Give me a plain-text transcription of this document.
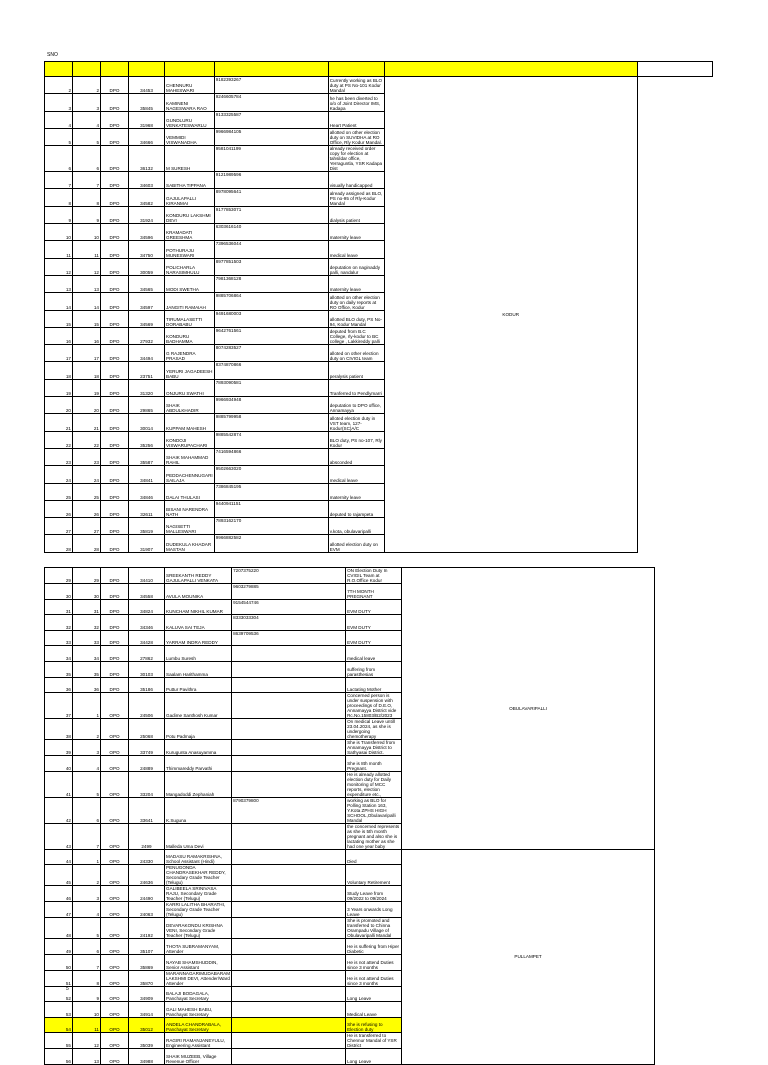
SNO

2	2	DPO	34453	CHENNURU MAHESWARI	9182393267	Currently working as BLO duty at PS No-101 Kodur Mandal	KODUR	
3	3	DPO	35845	KAMINENI NAGESWARA RAO	9246605784	he has been diverted to o/o of Joint Director IMS, Kadapa		
4	4	DPO	31968	GUNDLURU VENKATESWARLU	9133325587	Heart Patient		
5	5	DPO	34666	VEMMIDI VISWANADHA	9966984105	allotted on other election duty on SUVIDHA at RO Office, Rly Kodur Mandal.		
6	6	DPO	36132	M SURESH	9581041199	already received order copy for election at tahsildar office, Yerraguntla, YSR Kadapa Dist		
7	7	DPO	34603	SABITHA TIPPANA	9121989596	visually handicapped		
8	8	DPO	34582	GAJULAPALLI KIRANMAI	8978095641	already assigned as BLO, PS no-95 of Rly-Kodur Mandal		
9	9	DPO	31924	KONDURU LAKSHMI DEVI	9177853071	dialysis patient		
10	10	DPO	34596	KRAMADATI GREESHMA	6303616140	maternity leave		
11	11	DPO	34750	POTHURAJU MUNESWARI	7396536044	medical leave		
12	12	DPO	30059	POLICHARLA NARASIMHULU	8977851503	deputation on naginaddy palli, nandalur		
13	13	DPO	34565	MODI SWETHA	7981368128	maternity leave		
14	14	DPO	34597	JANGITI RAMAIAH	9885706864	allotted on other election duty on daily reports at RO Office, Kodur		
15	15	DPO	34569	TIRUMALASETTI DORABABU	9491680003	allotted BLO duty, PS No-94, Kodur Mandal		
16	16	DPO	27932	KONDURU BADHAMMA	9642761561	deputed from B.C College, rly-kodur to BC college , Lakkireddy palli		
17	17	DPO	34494	G RAJENDRA PRASAD	8074283527	alloted on other election duty on CIVIGL team		
18	18	DPO	23751	YERURI JAGADEESH BABU	8374870866	peralysis patient		
19	19	DPO	31320	ONJURU SWATHI	7893090581	Tranferred to Pendlymarri		
20	20	DPO	29865	SHAIK ABDULKHADIR	9966934948	deputation to DPO office, Annamayya		
21	21	DPO	30014	KUPPAM MAHESH	9885799958	alloted election duty in VST team, 127-Kodur(SC)A/C		
22	22	DPO	35256	KONDOJI VISWARUPACHARI	9885542874	BLO duty, PS no-107, Rly Kodur		
23	23	DPO	35587	SHAIK MAHAMMAD RAHIL	7416594866	absconded		
24	24	DPO	34841	PEDDACHENNUGARI SAILAJA	9502663020	medical leave		
25	25	DPO	34846	DALAI THULASI	7386845195	maternity leave		
26	26	DPO	32611	BISANI NARENDRA NATH	9440941151	deputed to rajampeta		
27	27	DPO	35819	NAGISETTI MALLESWARI	7893162170	v.kota, obulavaripalli		
28	28	DPO	31907	DUDEKULA KHADAR MASTAN	9966882582	allotted election duty on EVM		
29	29	DPO	34410	SREEKANTH REDDY GAJULAPALLI VENKATA	7207375220	ON Election Duty In CVIGIL Team at R.O.Office Kodur	OBULAVARIPALLI
30	30	DPO	34558	AVULA MOUNIKA	9603279885	7TH MONTH PREGNANT	
31	31	DPO	34824	KUNCHAM NIKHIL KUMAR	9154544746	EVM DUTY	
32	32	DPO	34346	KALUVA SAI TEJA	8333033304	EVM DUTY	
33	33	DPO	34428	YARRAM INDRA REDDY	8639709536	EVM DUTY	
34	34	DPO	27862	Lumbu Suresh		medical leave	
35	35	DPO	30103	Saalam Harithamma		suffering from parasthesias	
36	36	DPO	35186	Puttur Pavithra		Lactating Mother	
37	1	OPO	24506	Gadime Santhosh Kumar		Concerned person is under suspension with proceedings of D.E.O, Annamayya District vide Rc.No.15803/B2/2023	
38	2	OPO	25068	Potu Padmaja		On medical Leave untill 23.04.2024, as she is undergoing chemotherapy	
39	3	OPO	33749	Kurugunta Anasuyamma		She is Transferred from Annamayya District to Sathyasai District.	
40	4	OPO	24889	Thimmareddy Parvathi		She is 8th month Pregnant.	
41	5	OPO	33204	Mangadoddi Zephaniah		He is already allotted election duty for Daily monitoring of MCC reports, election expenditure etc.,	
42	6	OPO	33641	K.Suguna	8790379800	working as BLO for Polling Station 163, Y.Kota ZPHS HIGH SCHOOL,Obulavaripalli Mandal	
43	7	OPO	2499	Malleda Uma Devi		the concerned represents as she is 5th month pregnant and also she is lactating mother as she had one year baby	
44	1	OPO	24330	MADASU RAMAKRISHNA, School Assistant (Hindi)		Died	PULLAMPET
45	2	OPO	24636	PENUGONDA CHANDRASEKHAR REDDY, Secondary Grade Teacher (Telugu)		Voluntary Retirement	
46	3	OPO	24490	GALIBEELA SRINIVASA RAJU, Secondary Grade Teacher (Telugu)		Study Leave from 09/2022 to 09/2024	
47	4	OPO	24063	KARRI LALITHA BHARATHI, Secondary Grade Teacher (Telugu)		3 Years onwards Long Leave	
48	5	OPO	24192	DEVARAKONDU KRISHNA VENI, Secondary Grade Teacher (Telugu)		She is promoted and transferred to Chinna Orampadu Village of Obulavaripalli Mandal	
49	6	OPO	35107	THOTA SUBRAMANYAM, Attender		He is suffering from Hiper Diabetic	
50	7	OPO	35869	NAYAB SHAMSHUDDIN, Senior Assistant		He is not attend Duties since 3 months	
51	8	OPO	35870	MARANNAGARIMUDABARAM LAKSHMI DEVI, Attender/Ward Attender		He is not attend Duties since 3 months	
52	9	OPO	34909	BALAJI BODAGALA, Panchayat Secretary		Long Leave	
53	10	OPO	34914	GALI MAHESH BABU, Panchayat Secretary		Medical Leave	
54	11	OPO	35012	ANDELA CHANDRABALA, Panchayat Secretary		She is refusing to Election duty	
55	12	OPO	35039	RAGIRI RAMANJANEYULU, Engineering Assistant		He is transferred to Chennur Mandal of YSR District	
56	13	OPO	34988	SHAIK MUZEEB, Village Revenue Officer		Long Leave	
5
